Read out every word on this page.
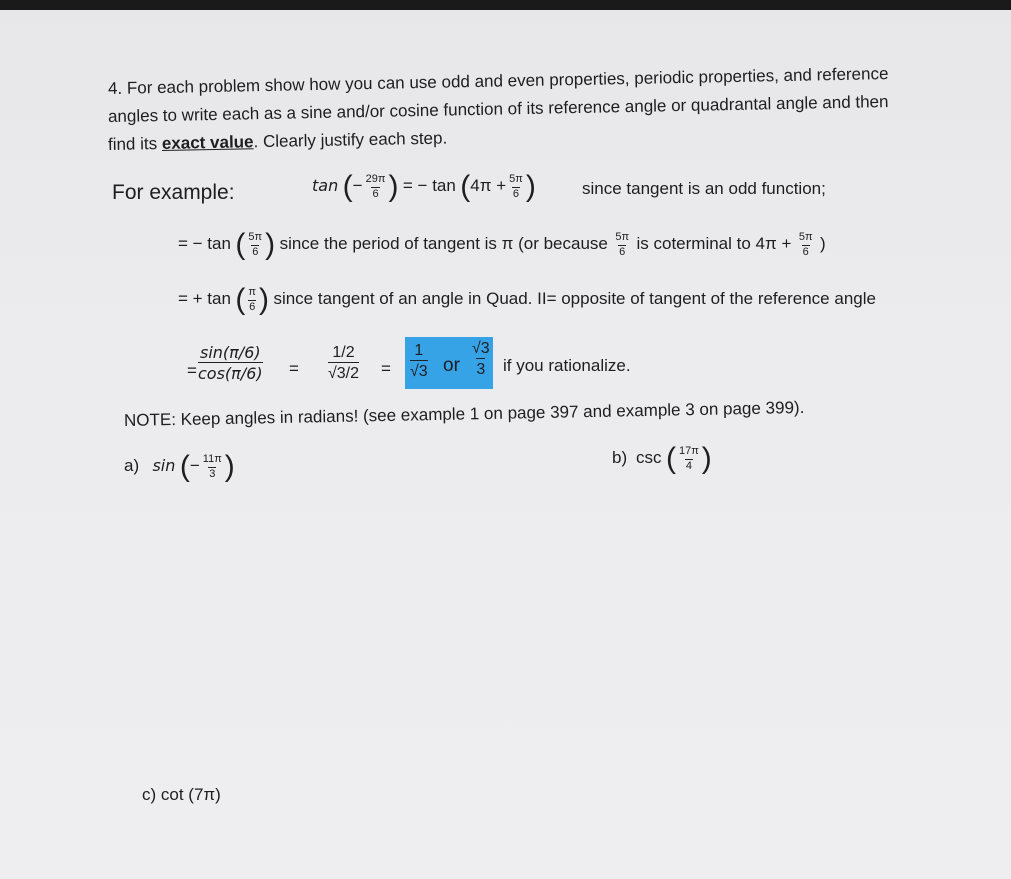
4. For each problem show how you can use odd and even properties, periodic properties, and reference
angles to write each as a sine and/or cosine function of its reference angle or quadrantal angle and then
find its exact value. Clearly justify each step.
For example:	tan (− $\frac{29\pi}{6}$ ) = − $\tan (4\pi + \frac{5\pi}{6}$ )	since tangent is an odd function;
= − tan ( $\frac{5\pi}{6}$ ) since the period of tangent is π (or because $\frac{5\pi}{6}$ is coterminal to $4\pi + \frac{5\pi}{6}$ )
= + tan ( $\frac{\pi}{6}$ ) since tangent of an angle in Quad. II= opposite of tangent of the reference angle
= $\frac{\sin(\pi/6)}{\cos(\pi/6)} = \frac{1/2}{√3/2} = \frac{1}{√3}$ or $\frac{√3}{3}$ if you rationalize.
NOTE: Keep angles in radians! (see example 1 on page 397 and example 3 on page 399).
a) sin (− $\frac{11\pi}{3}$ )	b) csc ( $\frac{17\pi}{4}$ )
c) cot (7π)
